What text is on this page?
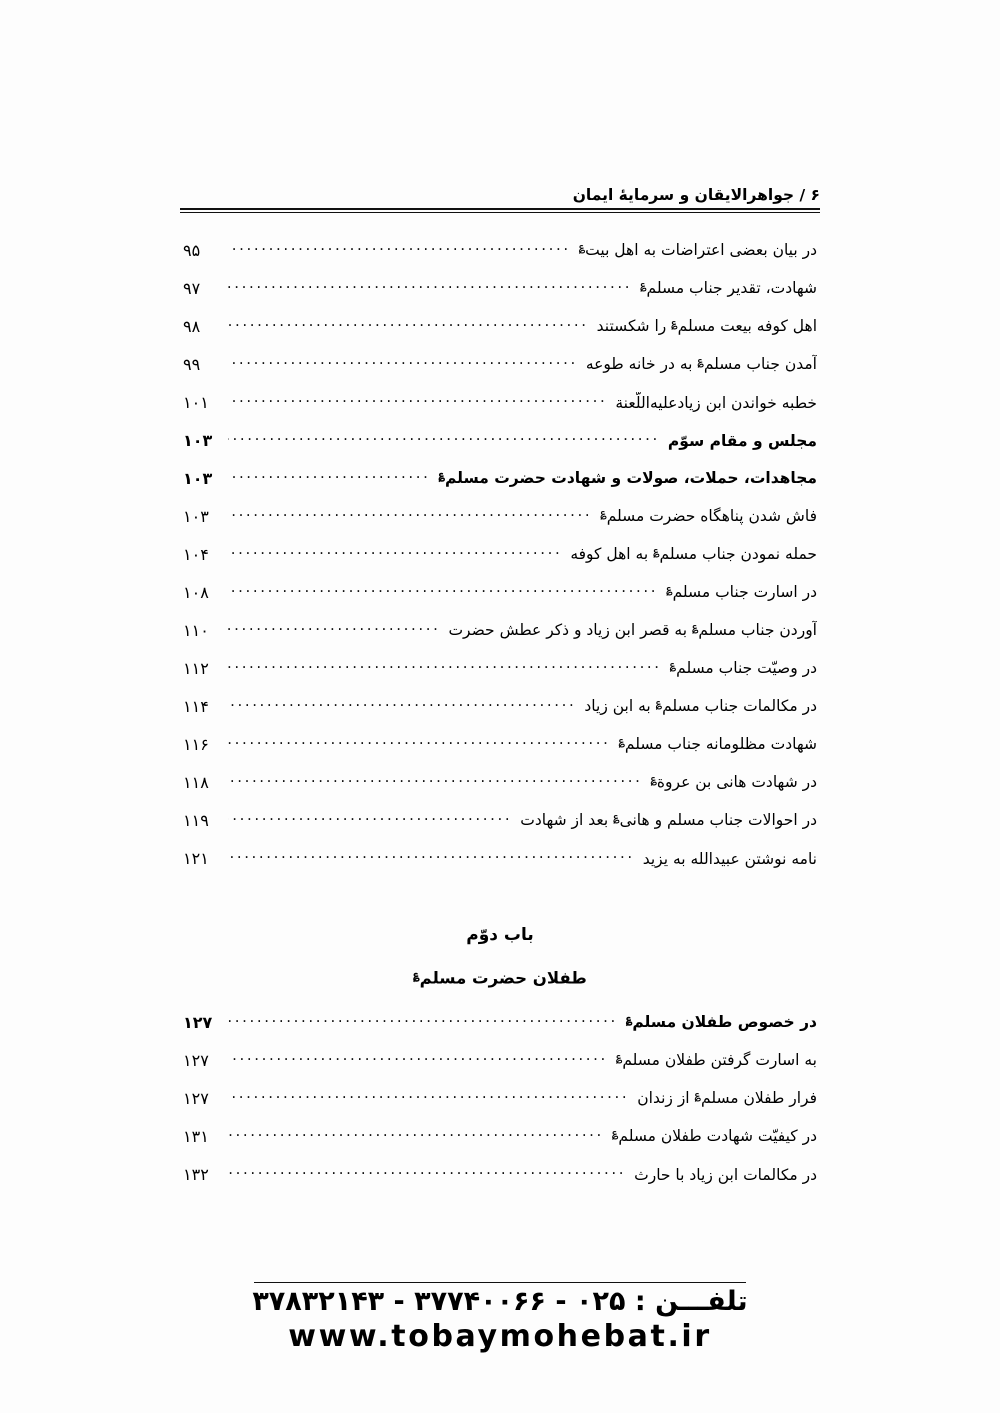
۶ / جواهرالایقان و سرمایهٔ ایمان
در بیان بعضی اعتراضات به اهل بیت؏
.....
۹۵
شهادت، تقدیر جناب مسلم؏
.....
۹۷
اهل کوفه بیعت مسلم؏ را شکستند
.....
۹۸
آمدن جناب مسلم؏ به در خانه طوعه
.....
۹۹
خطبه خواندن ابن زیادعلیه‌اللّعنة
.....
۱۰۱
مجلس و مقام سوّم
.....
۱۰۳
مجاهدات، حملات، صولات و شهادت حضرت مسلم؏
.....
۱۰۳
فاش شدن پناهگاه حضرت مسلم؏
.....
۱۰۳
حمله نمودن جناب مسلم؏ به اهل کوفه
.....
۱۰۴
در اسارت جناب مسلم؏
.....
۱۰۸
آوردن جناب مسلم؏ به قصر ابن زیاد و ذکر عطش حضرت
.....
۱۱۰
در وصیّت جناب مسلم؏
.....
۱۱۲
در مکالمات جناب مسلم؏ به ابن زیاد
.....
۱۱۴
شهادت مظلومانه جناب مسلم؏
.....
۱۱۶
در شهادت هانی بن عروة؏
.....
۱۱۸
در احوالات جناب مسلم و هانی؏ بعد از شهادت
.....
۱۱۹
نامه نوشتن عبیدالله به یزید
.....
۱۲۱
باب دوّم
طفلان حضرت مسلم؏
در خصوص طفلان مسلم؏
.....
۱۲۷
به اسارت گرفتن طفلان مسلم؏
.....
۱۲۷
فرار طفلان مسلم؏ از زندان
.....
۱۲۷
در کیفیّت شهادت طفلان مسلم؏
.....
۱۳۱
در مکالمات ابن زیاد با حارث
.....
۱۳۲
تلفـــن : ۰۲۵ - ۳۷۷۴۰۰۶۶ - ۳۷۸۳۲۱۴۳
www.tobaymohebat.ir
